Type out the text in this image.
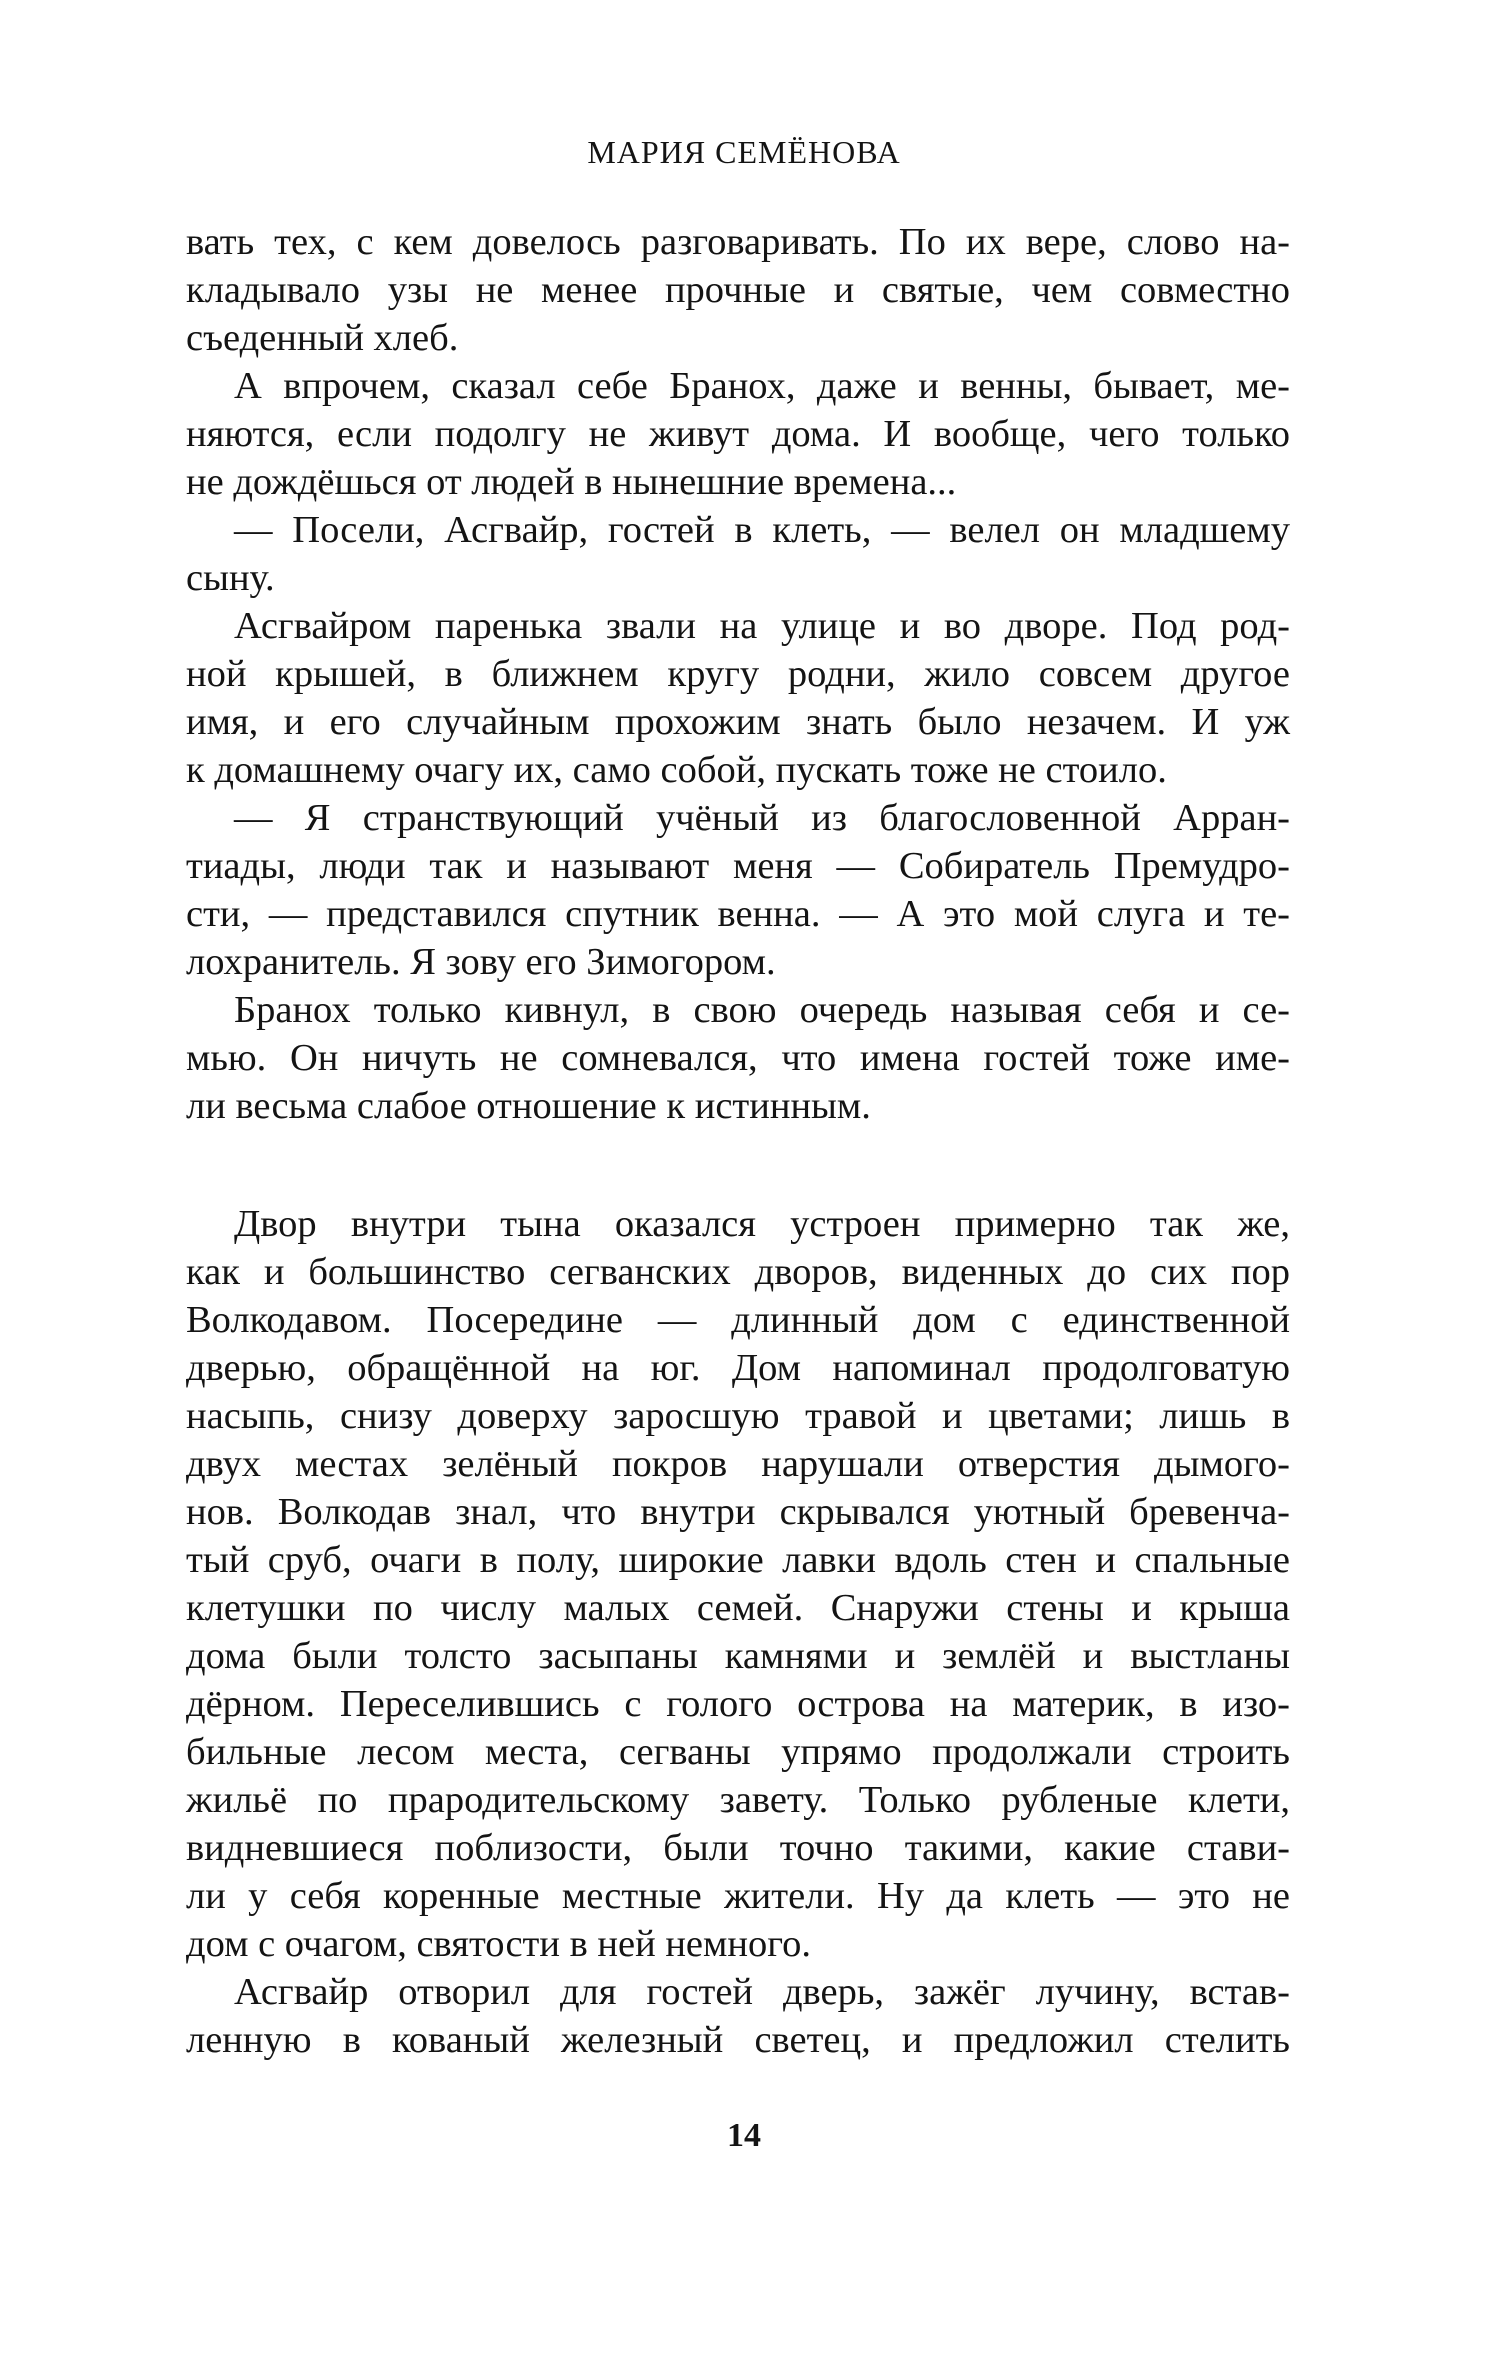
МАРИЯ СЕМЁНОВА

вать тех, с кем довелось разговаривать. По их вере, слово на-
кладывало узы не менее прочные и святые, чем совместно
съеденный хлеб.

А впрочем, сказал себе Бранох, даже и венны, бывает, ме-
няются, если подолгу не живут дома. И вообще, чего только
не дождёшься от людей в нынешние времена...

— Посели, Асгвайр, гостей в клеть, — велел он младшему
сыну.

Асгвайром паренька звали на улице и во дворе. Под род-
ной крышей, в ближнем кругу родни, жило совсем другое
имя, и его случайным прохожим знать было незачем. И уж
к домашнему очагу их, само собой, пускать тоже не стоило.

— Я странствующий учёный из благословенной Арран-
тиады, люди так и называют меня — Собиратель Премудро-
сти, — представился спутник венна. — А это мой слуга и те-
лохранитель. Я зову его Зимогором.

Бранох только кивнул, в свою очередь называя себя и се-
мью. Он ничуть не сомневался, что имена гостей тоже име-
ли весьма слабое отношение к истинным.

Двор внутри тына оказался устроен примерно так же,
как и большинство сегванских дворов, виденных до сих пор
Волкодавом. Посередине — длинный дом с единственной
дверью, обращённой на юг. Дом напоминал продолговатую
насыпь, снизу доверху заросшую травой и цветами; лишь в
двух местах зелёный покров нарушали отверстия дымого-
нов. Волкодав знал, что внутри скрывался уютный бревенча-
тый сруб, очаги в полу, широкие лавки вдоль стен и спальные
клетушки по числу малых семей. Снаружи стены и крыша
дома были толсто засыпаны камнями и землёй и выстланы
дёрном. Переселившись с голого острова на материк, в изо-
бильные лесом места, сегваны упрямо продолжали строить
жильё по прародительскому завету. Только рубленые клети,
видневшиеся поблизости, были точно такими, какие стави-
ли у себя коренные местные жители. Ну да клеть — это не
дом с очагом, святости в ней немного.

Асгвайр отворил для гостей дверь, зажёг лучину, встав-
ленную в кованый железный светец, и предложил стелить

14
